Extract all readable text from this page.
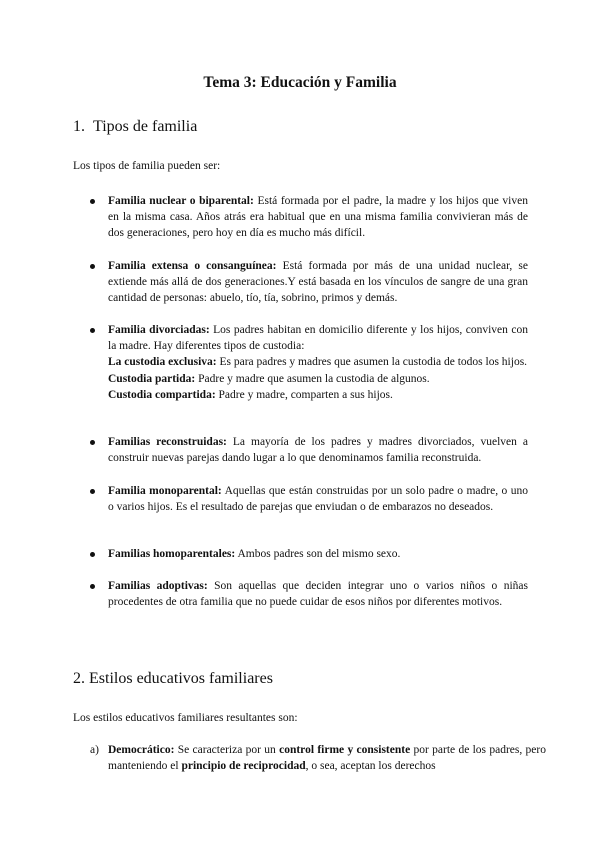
Tema 3: Educación y Familia
1. Tipos de familia

Los tipos de familia pueden ser:

Familia nuclear o biparental: Está formada por el padre, la madre y los hijos que viven en la misma casa. Años atrás era habitual que en una misma familia convivieran más de dos generaciones, pero hoy en día es mucho más difícil.
Familia extensa o consanguínea: Está formada por más de una unidad nuclear, se extiende más allá de dos generaciones.Y está basada en los vínculos de sangre de una gran cantidad de personas: abuelo, tío, tía, sobrino, primos y demás.
Familia divorciadas: Los padres habitan en domicilio diferente y los hijos, conviven con la madre. Hay diferentes tipos de custodia:
La custodia exclusiva: Es para padres y madres que asumen la custodia de todos los hijos.
Custodia partida: Padre y madre que asumen la custodia de algunos.
Custodia compartida: Padre y madre, comparten a sus hijos.
Familias reconstruidas: La mayoría de los padres y madres divorciados, vuelven a construir nuevas parejas dando lugar a lo que denominamos familia reconstruida.
Familia monoparental: Aquellas que están construidas por un solo padre o madre, o uno o varios hijos. Es el resultado de parejas que enviudan o de embarazos no deseados.
Familias homoparentales: Ambos padres son del mismo sexo.
Familias adoptivas: Son aquellas que deciden integrar uno o varios niños o niñas procedentes de otra familia que no puede cuidar de esos niños por diferentes motivos.
2. Estilos educativos familiares

Los estilos educativos familiares resultantes son:

a) Democrático: Se caracteriza por un control firme y consistente por parte de los padres, pero manteniendo el principio de reciprocidad, o sea, aceptan los derechos
